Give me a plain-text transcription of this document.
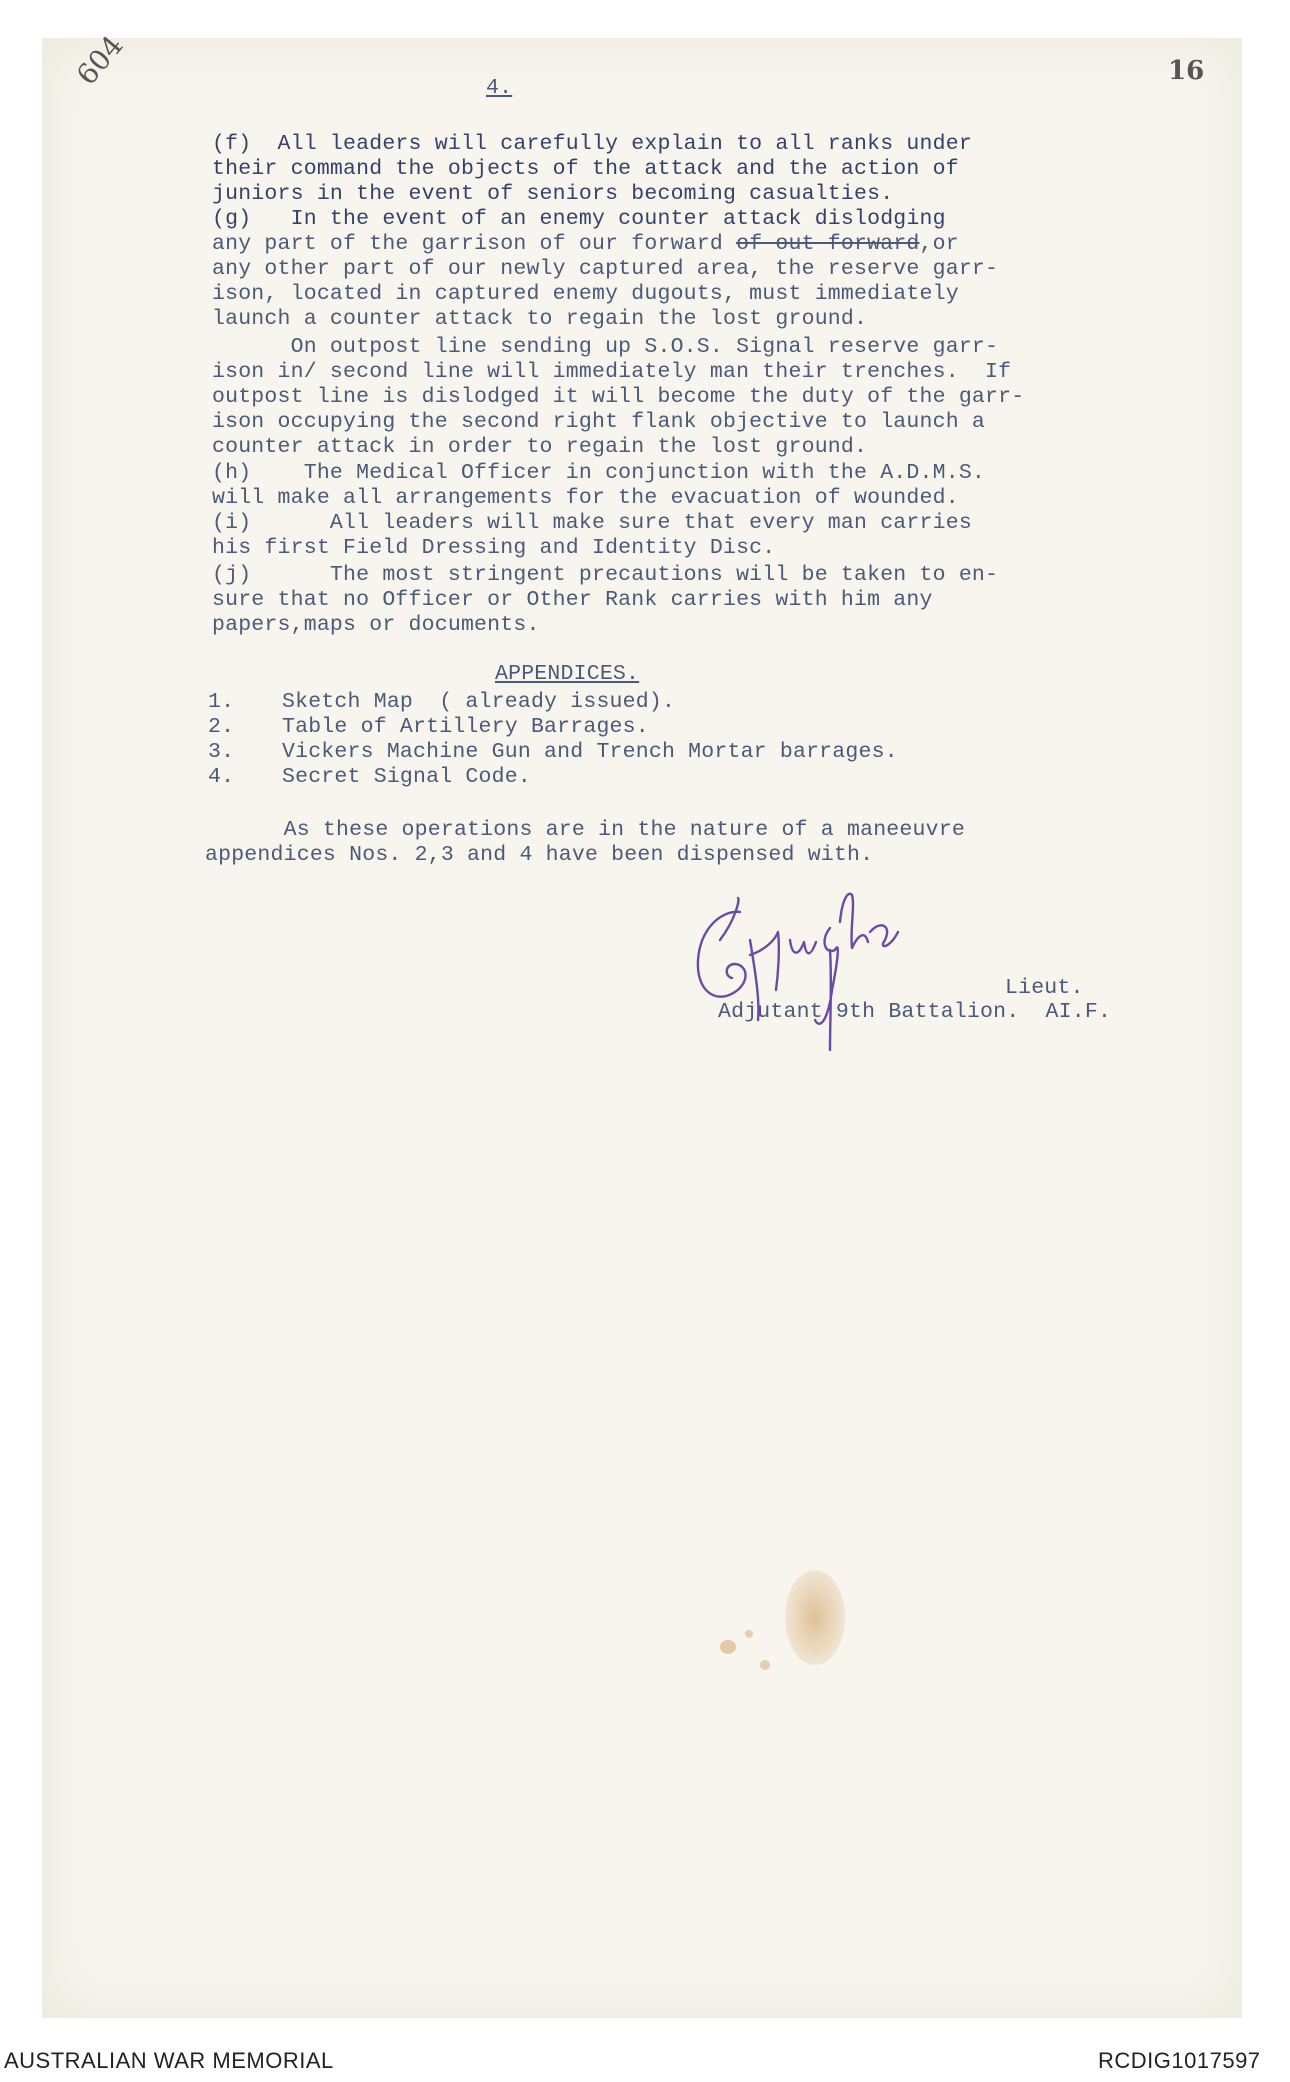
604	16
4.
(f)  All leaders will carefully explain to all ranks under
their command the objects of the attack and the action of
juniors in the event of seniors becoming casualties.
(g)   In the event of an enemy counter attack dislodging
any part of the garrison of our forward of out forward,or
any other part of our newly captured area, the reserve garr-
ison, located in captured enemy dugouts, must immediately
launch a counter attack to regain the lost ground.
On outpost line sending up S.O.S. Signal reserve garr-
ison in/ second line will immediately man their trenches.  If
outpost line is dislodged it will become the duty of the garr-
ison occupying the second right flank objective to launch a
counter attack in order to regain the lost ground.
(h)    The Medical Officer in conjunction with the A.D.M.S.
will make all arrangements for the evacuation of wounded.
(i)      All leaders will make sure that every man carries
his first Field Dressing and Identity Disc.
(j)      The most stringent precautions will be taken to en-
sure that no Officer or Other Rank carries with him any
papers,maps or documents.
APPENDICES.
1. Sketch Map  ( already issued).
2. Table of Artillery Barrages.
3. Vickers Machine Gun and Trench Mortar barrages.
4. Secret Signal Code.
As these operations are in the nature of a maneeuvre
appendices Nos. 2,3 and 4 have been dispensed with.
Lieut.
Adjutant 9th Battalion.  AI.F.
AUSTRALIAN WAR MEMORIAL	RCDIG1017597
